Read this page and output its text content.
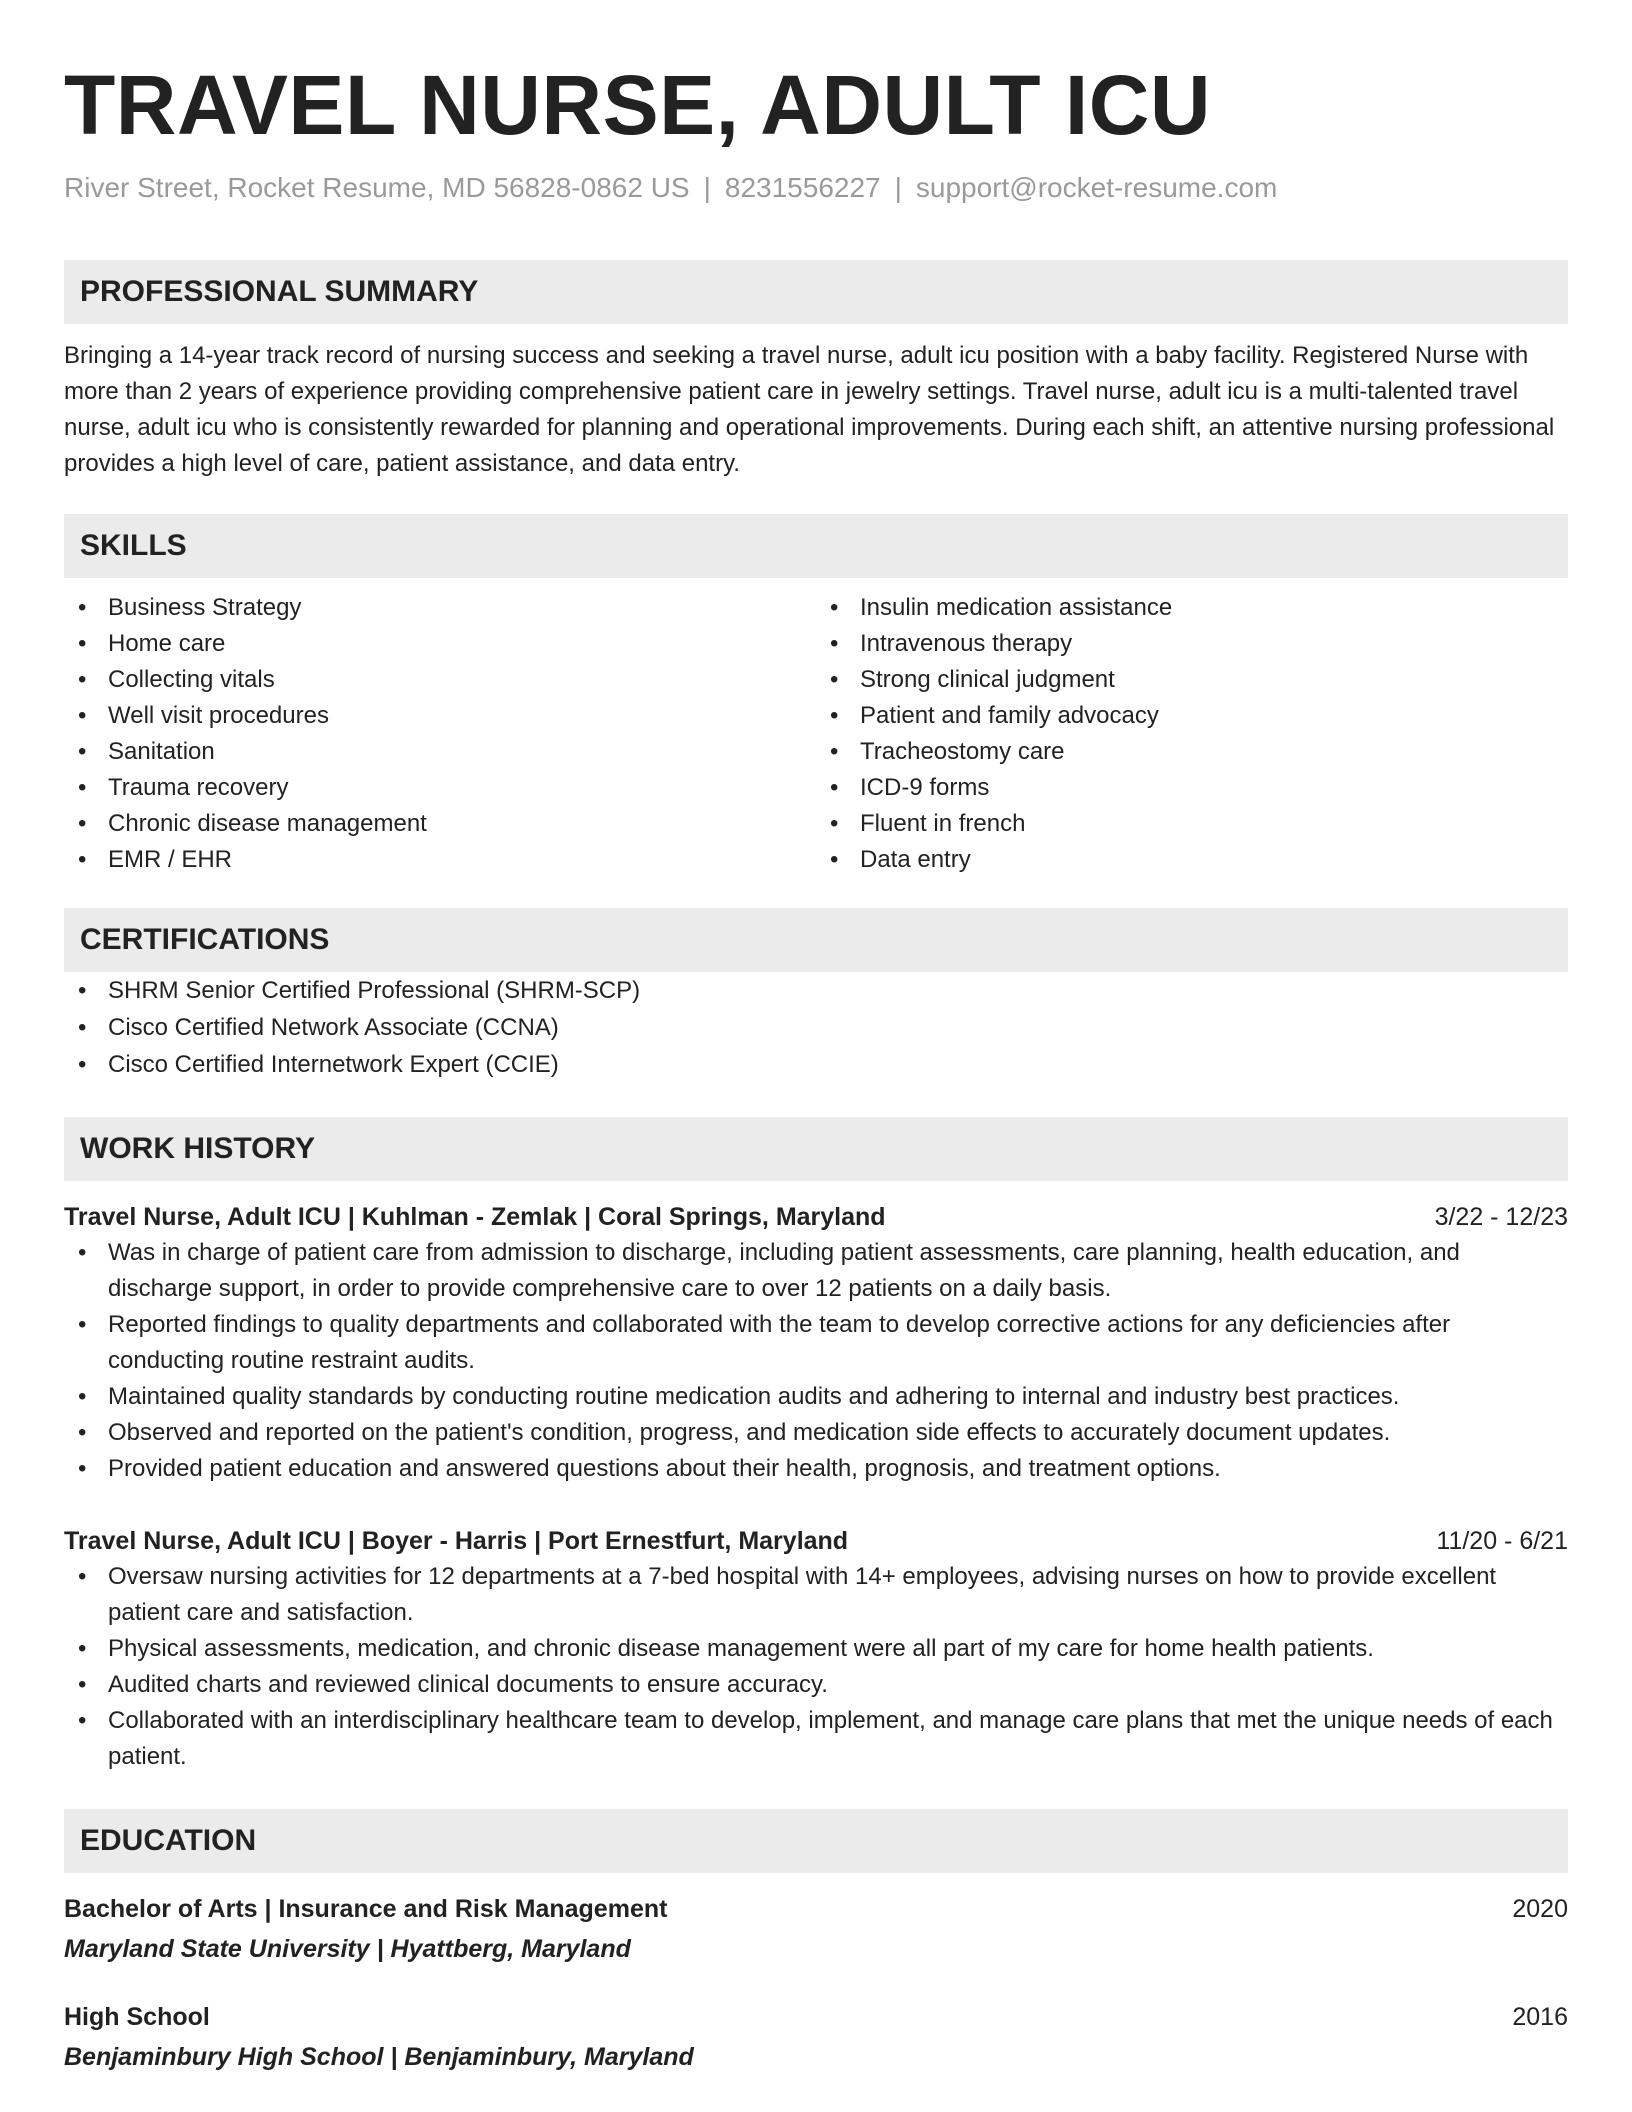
TRAVEL NURSE, ADULT ICU
River Street, Rocket Resume, MD 56828-0862 US | 8231556227 | support@rocket-resume.com
PROFESSIONAL SUMMARY

Bringing a 14-year track record of nursing success and seeking a travel nurse, adult icu position with a baby facility. Registered Nurse with more than 2 years of experience providing comprehensive patient care in jewelry settings. Travel nurse, adult icu is a multi-talented travel nurse, adult icu who is consistently rewarded for planning and operational improvements. During each shift, an attentive nursing professional provides a high level of care, patient assistance, and data entry.

SKILLS
• Business Strategy
• Home care
• Collecting vitals
• Well visit procedures
• Sanitation
• Trauma recovery
• Chronic disease management
• EMR / EHR
• Insulin medication assistance
• Intravenous therapy
• Strong clinical judgment
• Patient and family advocacy
• Tracheostomy care
• ICD-9 forms
• Fluent in french
• Data entry
CERTIFICATIONS
• SHRM Senior Certified Professional (SHRM-SCP)
• Cisco Certified Network Associate (CCNA)
• Cisco Certified Internetwork Expert (CCIE)
WORK HISTORY
Travel Nurse, Adult ICU | Kuhlman - Zemlak | Coral Springs, Maryland	3/22 - 12/23
• Was in charge of patient care from admission to discharge, including patient assessments, care planning, health education, and discharge support, in order to provide comprehensive care to over 12 patients on a daily basis.
• Reported findings to quality departments and collaborated with the team to develop corrective actions for any deficiencies after conducting routine restraint audits.
• Maintained quality standards by conducting routine medication audits and adhering to internal and industry best practices.
• Observed and reported on the patient's condition, progress, and medication side effects to accurately document updates.
• Provided patient education and answered questions about their health, prognosis, and treatment options.
Travel Nurse, Adult ICU | Boyer - Harris | Port Ernestfurt, Maryland	11/20 - 6/21
• Oversaw nursing activities for 12 departments at a 7-bed hospital with 14+ employees, advising nurses on how to provide excellent patient care and satisfaction.
• Physical assessments, medication, and chronic disease management were all part of my care for home health patients.
• Audited charts and reviewed clinical documents to ensure accuracy.
• Collaborated with an interdisciplinary healthcare team to develop, implement, and manage care plans that met the unique needs of each patient.
EDUCATION
Bachelor of Arts | Insurance and Risk Management	2020
Maryland State University | Hyattberg, Maryland
High School	2016
Benjaminbury High School | Benjaminbury, Maryland
